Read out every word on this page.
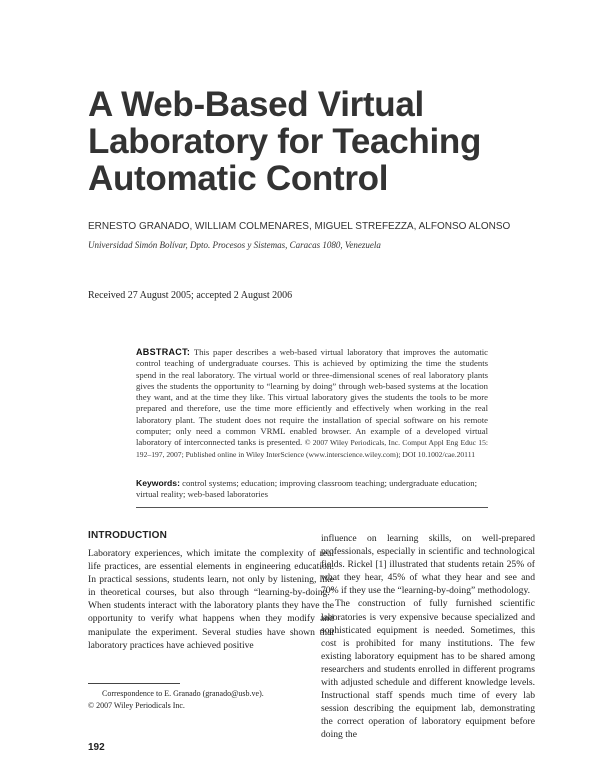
A Web-Based Virtual
Laboratory for Teaching
Automatic Control
ERNESTO GRANADO, WILLIAM COLMENARES, MIGUEL STREFEZZA, ALFONSO ALONSO
Universidad Simón Bolívar, Dpto. Procesos y Sistemas, Caracas 1080, Venezuela
Received 27 August 2005; accepted 2 August 2006
ABSTRACT: This paper describes a web-based virtual laboratory that improves the automatic control teaching of undergraduate courses. This is achieved by optimizing the time the students spend in the real laboratory. The virtual world or three-dimensional scenes of real laboratory plants gives the students the opportunity to “learning by doing” through web-based systems at the location they want, and at the time they like. This virtual laboratory gives the students the tools to be more prepared and therefore, use the time more efficiently and effectively when working in the real laboratory plant. The student does not require the installation of special software on his remote computer; only need a common VRML enabled browser. An example of a developed virtual laboratory of interconnected tanks is presented. © 2007 Wiley Periodicals, Inc. Comput Appl Eng Educ 15: 192–197, 2007; Published online in Wiley InterScience (www.interscience.wiley.com); DOI 10.1002/cae.20111
Keywords: control systems; education; improving classroom teaching; undergraduate education; virtual reality; web-based laboratories
INTRODUCTION

Laboratory experiences, which imitate the complexity of real life practices, are essential elements in engineering education. In practical sessions, students learn, not only by listening, like in theoretical courses, but also through “learning-by-doing.” When students interact with the laboratory plants they have the opportunity to verify what happens when they modify and manipulate the experiment. Several studies have shown that laboratory practices have achieved positive

influence on learning skills, on well-prepared professionals, especially in scientific and technological fields. Rickel [1] illustrated that students retain 25% of what they hear, 45% of what they hear and see and 70% if they use the “learning-by-doing” methodology.

The construction of fully furnished scientific laboratories is very expensive because specialized and sophisticated equipment is needed. Sometimes, this cost is prohibited for many institutions. The few existing laboratory equipment has to be shared among researchers and students enrolled in different programs with adjusted schedule and different knowledge levels. Instructional staff spends much time of every lab session describing the equipment lab, demonstrating the correct operation of laboratory equipment before doing the

Correspondence to E. Granado (granado@usb.ve).
© 2007 Wiley Periodicals Inc.
192
